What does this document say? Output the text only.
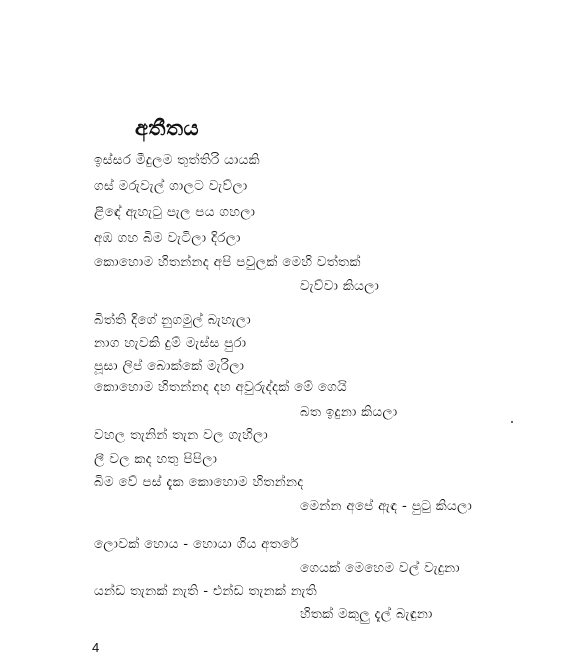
අතීතය
ඉස්සර මීදුලම තුත්තිරි යායකි
ගස් මරුවැල් ගාලට වැව්ලා
ළිඳේ ඇහැටු පැල පය ගහලා
අඹ ගහ බිම වැටිලා දිරලා
කොහොම හිතන්නද අපි පවුලක් මෙහි වත්තක්
වැව්වා කියලා
බිත්ති දිගේ නුගමුල් බැහැලා
නාග හැවකි දුම් මැස්ස පුරා
පූසා ලිප් බොක්කේ මැරිලා
කොහොම හිතන්නද දහ අවුරුද්දක් මේ ගෙයි
බත ඉදුනා කියලා
වහල තැනින් තැන වල ගැහිලා
ලී වල කද හතු පිපිලා
බිම වේ පස් දැක කොහොම හිතන්නද
මෙන්න අපේ ඇඳ - පුටු කියලා
ලොවක් හොය - හොයා ගිය අතරේ
ගෙයක් මෙහෙම වල් වැදුනා
යන්ඩ තැනක් නැති - එන්ඩ තැනක් නැති
හිතක් මකුලු දැල් බැඳුනා
4
